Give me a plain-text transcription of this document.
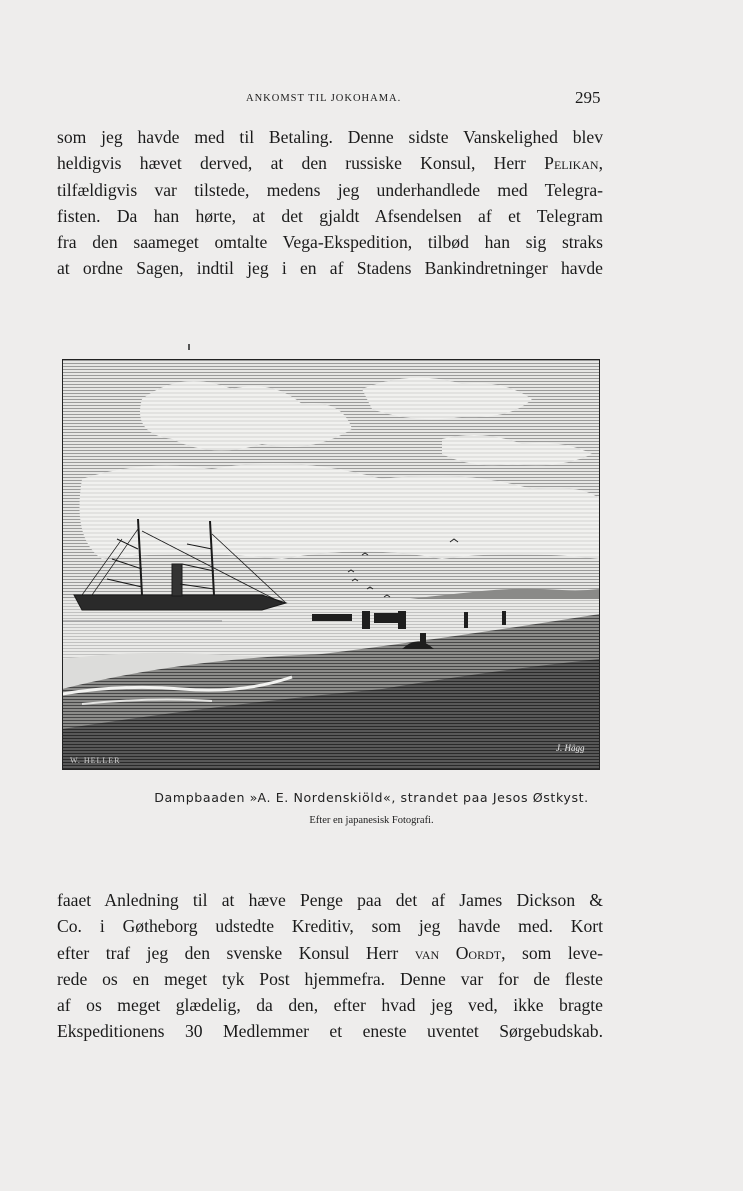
ANKOMST TIL JOKOHAMA.	295
som jeg havde med til Betaling. Denne sidste Vanskelighed blev
heldigvis hævet derved, at den russiske Konsul, Herr Pelikan,
tilfældigvis var tilstede, medens jeg underhandlede med Telegra-
fisten. Da han hørte, at det gjaldt Afsendelsen af et Telegram
fra den saameget omtalte Vega-Ekspedition, tilbød han sig straks
at ordne Sagen, indtil jeg i en af Stadens Bankindretninger havde
W. HELLER
J. Hägg
Dampbaaden »A. E. Nordenskiöld«, strandet paa Jesos Østkyst.
Efter en japanesisk Fotografi.
faaet Anledning til at hæve Penge paa det af James Dickson &
Co. i Gøtheborg udstedte Kreditiv, som jeg havde med. Kort
efter traf jeg den svenske Konsul Herr van Oordt, som leve-
rede os en meget tyk Post hjemmefra. Denne var for de fleste
af os meget glædelig, da den, efter hvad jeg ved, ikke bragte
Ekspeditionens 30 Medlemmer et eneste uventet Sørgebudskab.
